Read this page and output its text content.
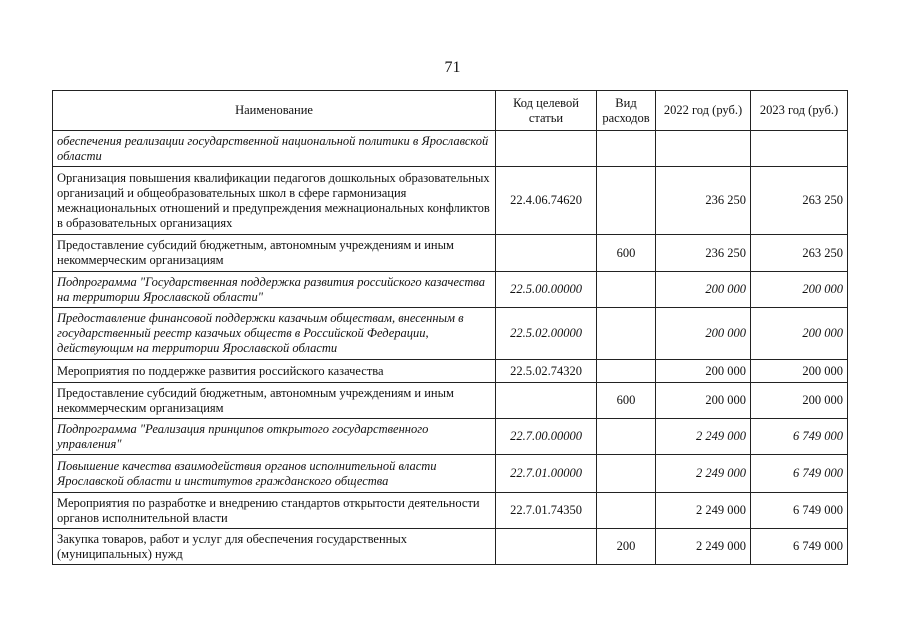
71
Наименование	Код целевой статьи	Вид расходов	2022 год (руб.)	2023 год (руб.)
обеспечения реализации государственной национальной политики в Ярославской области				
Организация повышения квалификации педагогов дошкольных образовательных организаций и общеобразовательных школ в сфере гармонизация межнациональных отношений и предупреждения межнациональных конфликтов в образовательных организациях	22.4.06.74620		236 250	263 250
Предоставление субсидий бюджетным, автономным учреждениям и иным некоммерческим организациям		600	236 250	263 250
Подпрограмма "Государственная поддержка развития российского казачества на территории Ярославской области"	22.5.00.00000		200 000	200 000
Предоставление финансовой поддержки казачьим обществам, внесенным в государственный реестр казачьих обществ в Российской Федерации, действующим на территории Ярославской области	22.5.02.00000		200 000	200 000
Мероприятия по поддержке развития российского казачества	22.5.02.74320		200 000	200 000
Предоставление субсидий бюджетным, автономным учреждениям и иным некоммерческим организациям		600	200 000	200 000
Подпрограмма "Реализация принципов открытого государственного управления"	22.7.00.00000		2 249 000	6 749 000
Повышение качества взаимодействия органов исполнительной власти Ярославской области и институтов гражданского общества	22.7.01.00000		2 249 000	6 749 000
Мероприятия по разработке и внедрению стандартов открытости деятельности органов исполнительной власти	22.7.01.74350		2 249 000	6 749 000
Закупка товаров, работ и услуг для обеспечения государственных (муниципальных) нужд		200	2 249 000	6 749 000
